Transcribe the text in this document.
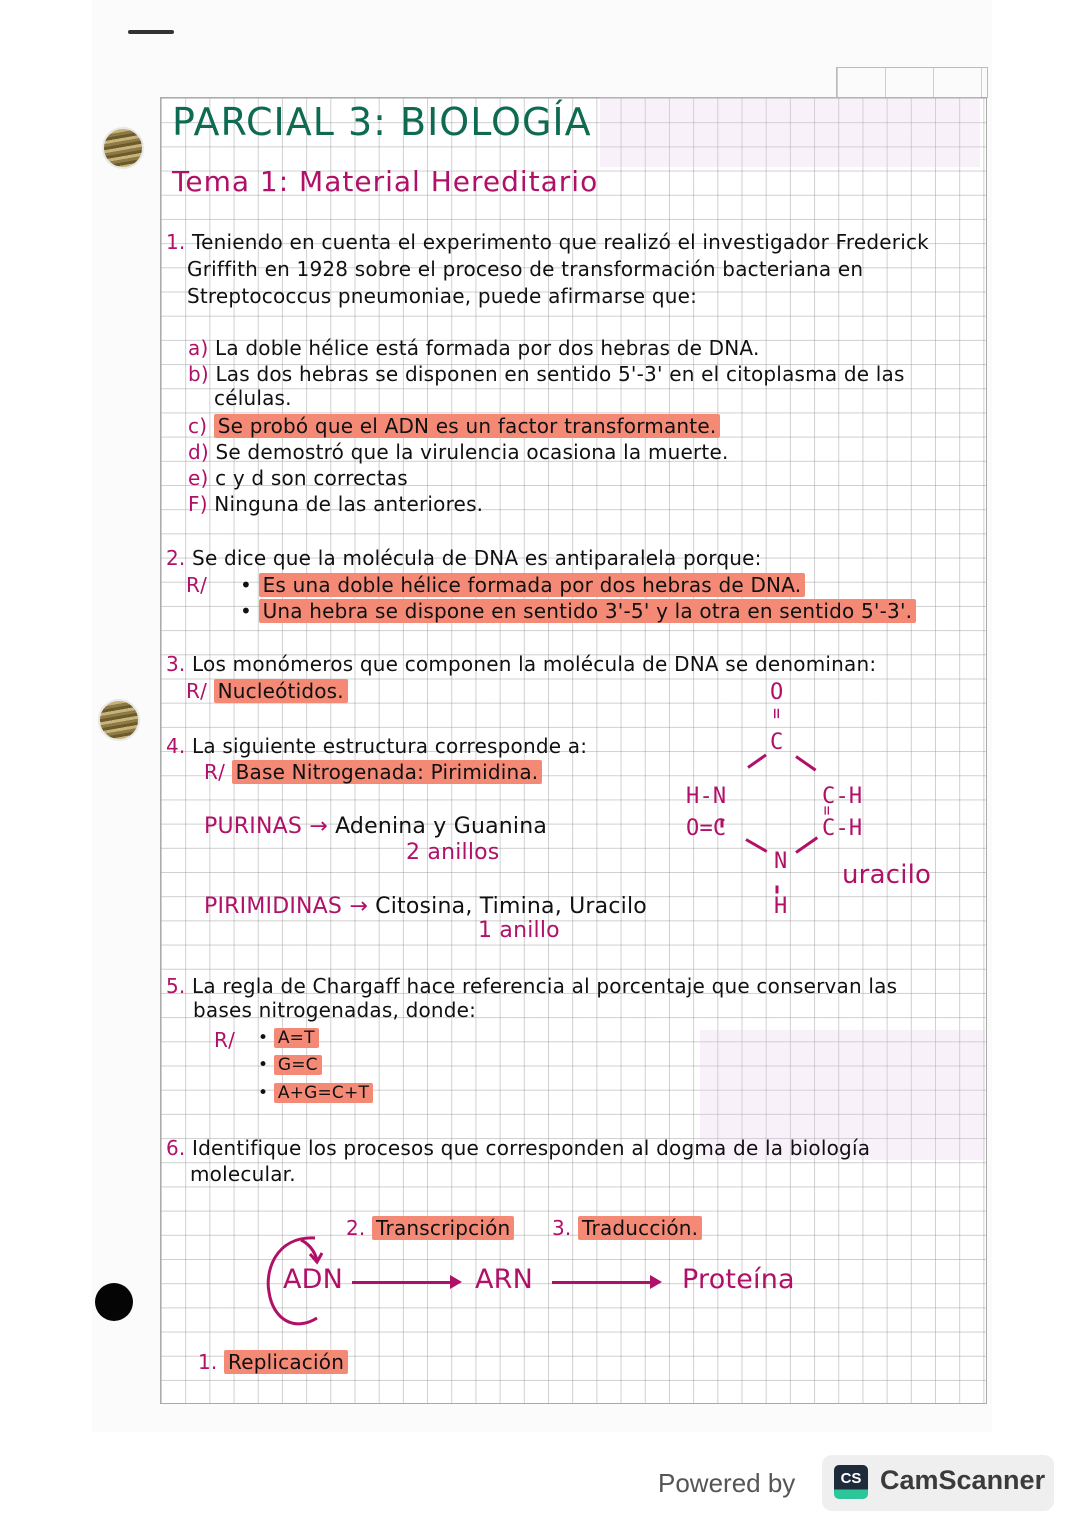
PARCIAL 3: BIOLOGÍA
Tema 1: Material Hereditario
1. Teniendo en cuenta el experimento que realizó el investigador Frederick
Griffith en 1928 sobre el proceso de transformación bacteriana en
Streptococcus pneumoniae, puede afirmarse que:
a) La doble hélice está formada por dos hebras de DNA.
b) Las dos hebras se disponen en sentido 5'-3' en el citoplasma de las
células.
c) Se probó que el ADN es un factor transformante.
d) Se demostró que la virulencia ocasiona la muerte.
e) c y d son correctas
F) Ninguna de las anteriores.
2. Se dice que la molécula de DNA es antiparalela porque:
R/ • Es una doble hélice formada por dos hebras de DNA.
• Una hebra se dispone en sentido 3'-5' y la otra en sentido 5'-3'.
3. Los monómeros que componen la molécula de DNA se denominan:
R/ Nucleótidos.
4. La siguiente estructura corresponde a:
R/ Base Nitrogenada: Pirimidina.
PURINAS → Adenina y Guanina
2 anillos
PIRIMIDINAS → Citosina, Timina, Uracilo
1 anillo
O
=
C
H-N	C-H
=
O=C	C-H
N
H
uracilo
5. La regla de Chargaff hace referencia al porcentaje que conservan las
bases nitrogenadas, donde:
R/ • A=T
• G=C
• A+G=C+T
6. Identifique los procesos que corresponden al dogma de la biología
molecular.
2. Transcripción 3. Traducción.
ADN	ARN	Proteína
1. Replicación
Powered by	CS CamScanner
